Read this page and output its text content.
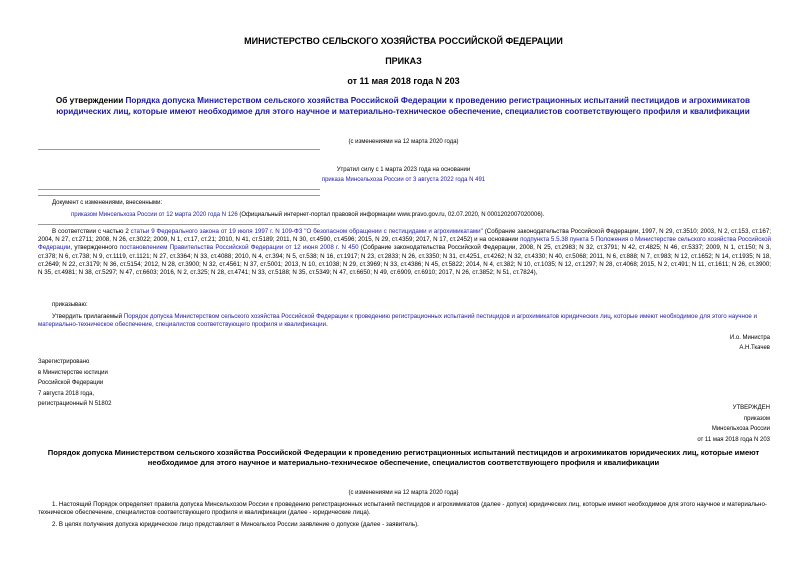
МИНИСТЕРСТВО СЕЛЬСКОГО ХОЗЯЙСТВА РОССИЙСКОЙ ФЕДЕРАЦИИ
ПРИКАЗ
от 11 мая 2018 года N 203
Об утверждении Порядка допуска Министерством сельского хозяйства Российской Федерации к проведению регистрационных испытаний пестицидов и агрохимикатов юридических лиц, которые имеют необходимое для этого научное и материально-техническое обеспечение, специалистов соответствующего профиля и квалификации
(с изменениями на 12 марта 2020 года)
Утратил силу с 1 марта 2023 года на основании
приказа Минсельхоза России от 3 августа 2022 года N 491
Документ с изменениями, внесенными:
приказом Минсельхоза России от 12 марта 2020 года N 126 (Официальный интернет-портал правовой информации www.pravo.gov.ru, 02.07.2020, N 0001202007020006).
В соответствии с частью 2 статьи 9 Федерального закона от 19 июля 1997 г. N 109-ФЗ "О безопасном обращении с пестицидами и агрохимикатами" (Собрание законодательства Российской Федерации, 1997, N 29, ст.3510; 2003, N 2, ст.153, ст.167; 2004, N 27, ст.2711; 2008, N 26, ст.3022; 2009, N 1, ст.17, ст.21; 2010, N 41, ст.5189; 2011, N 30, ст.4590, ст.4596; 2015, N 29, ст.4359; 2017, N 17, ст.2452) и на основании подпункта 5.5.38 пункта 5 Положения о Министерстве сельского хозяйства Российской Федерации, утвержденного постановлением Правительства Российской Федерации от 12 июня 2008 г. N 450 (Собрание законодательства Российской Федерации, 2008, N 25, ст.2983; N 32, ст.3791; N 42, ст.4825; N 46, ст.5337; 2009, N 1, ст.150; N 3, ст.378; N 6, ст.738; N 9, ст.1119, ст.1121; N 27, ст.3364; N 33, ст.4088; 2010, N 4, ст.394; N 5, ст.538; N 16, ст.1917; N 23, ст.2833; N 26, ст.3350; N 31, ст.4251, ст.4262; N 32, ст.4330; N 40, ст.5068; 2011, N 6, ст.888; N 7, ст.983; N 12, ст.1652; N 14, ст.1935; N 18, ст.2649; N 22, ст.3179; N 36, ст.5154; 2012, N 28, ст.3900; N 32, ст.4561; N 37, ст.5001; 2013, N 10, ст.1038; N 29, ст.3969; N 33, ст.4386; N 45, ст.5822; 2014, N 4, ст.382; N 10, ст.1035; N 12, ст.1297; N 28, ст.4068; 2015, N 2, ст.491; N 11, ст.1611; N 26, ст.3900; N 35, ст.4981; N 38, ст.5297; N 47, ст.6603; 2016, N 2, ст.325; N 28, ст.4741; N 33, ст.5188; N 35, ст.5349; N 47, ст.6650; N 49, ст.6909, ст.6910; 2017, N 26, ст.3852; N 51, ст.7824),
приказываю:
Утвердить прилагаемый Порядок допуска Министерством сельского хозяйства Российской Федерации к проведению регистрационных испытаний пестицидов и агрохимикатов юридических лиц, которые имеют необходимое для этого научное и материально-техническое обеспечение, специалистов соответствующего профиля и квалификации.
И.о. Министра
А.Н.Ткачев
Зарегистрировано
в Министерстве юстиции
Российской Федерации
7 августа 2018 года,
регистрационный N 51802
УТВЕРЖДЕН
приказом
Минсельхоза России
от 11 мая 2018 года N 203
Порядок допуска Министерством сельского хозяйства Российской Федерации к проведению регистрационных испытаний пестицидов и агрохимикатов юридических лиц, которые имеют необходимое для этого научное и материально-техническое обеспечение, специалистов соответствующего профиля и квалификации
(с изменениями на 12 марта 2020 года)
1. Настоящий Порядок определяет правила допуска Минсельхозом России к проведению регистрационных испытаний пестицидов и агрохимикатов (далее - допуск) юридических лиц, которые имеют необходимое для этого научное и материально-техническое обеспечение, специалистов соответствующего профиля и квалификации (далее - юридические лица).
2. В целях получения допуска юридическое лицо представляет в Минсельхоз России заявление о допуске (далее - заявитель).
